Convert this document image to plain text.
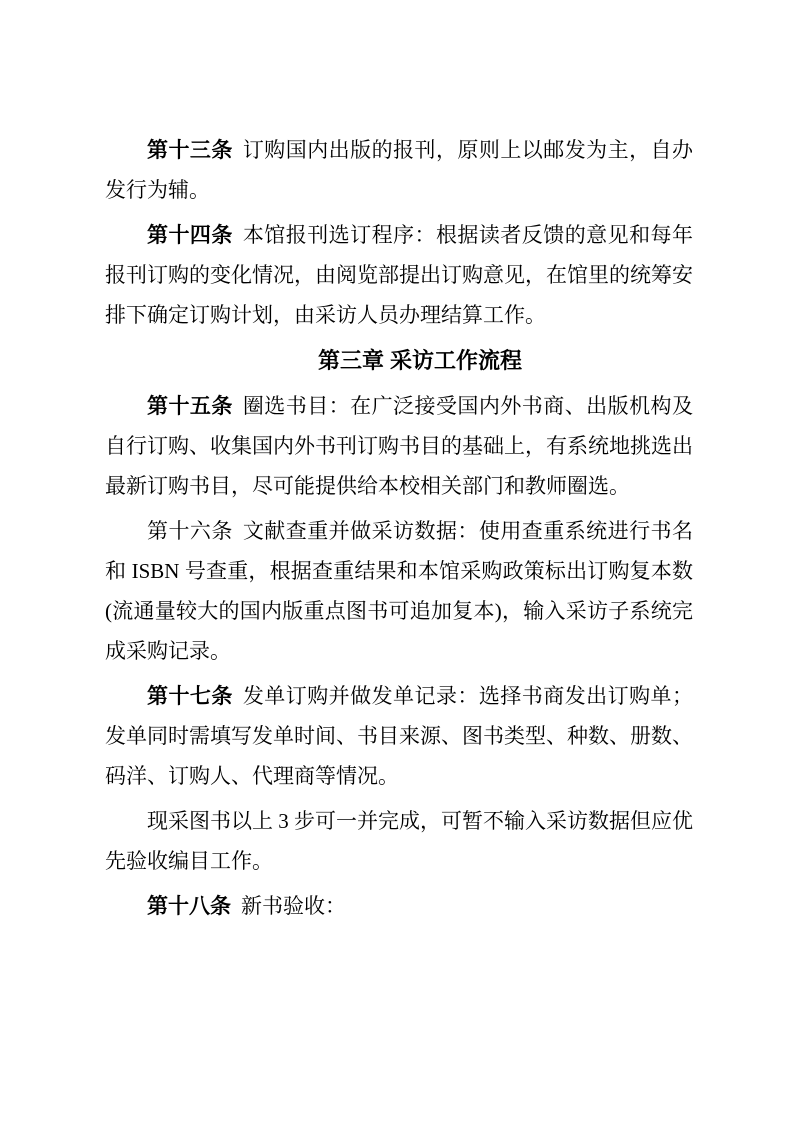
第十三条 订购国内出版的报刊，原则上以邮发为主，自办
发行为辅。
第十四条 本馆报刊选订程序：根据读者反馈的意见和每年
报刊订购的变化情况，由阅览部提出订购意见，在馆里的统筹安
排下确定订购计划，由采访人员办理结算工作。
第三章 采访工作流程
第十五条 圈选书目：在广泛接受国内外书商、出版机构及
自行订购、收集国内外书刊订购书目的基础上，有系统地挑选出
最新订购书目，尽可能提供给本校相关部门和教师圈选。
第十六条 文献查重并做采访数据：使用查重系统进行书名
和 ISBN 号查重，根据查重结果和本馆采购政策标出订购复本数
(流通量较大的国内版重点图书可追加复本)，输入采访子系统完
成采购记录。
第十七条 发单订购并做发单记录：选择书商发出订购单；
发单同时需填写发单时间、书目来源、图书类型、种数、册数、
码洋、订购人、代理商等情况。
现采图书以上 3 步可一并完成，可暂不输入采访数据但应优
先验收编目工作。
第十八条 新书验收：
